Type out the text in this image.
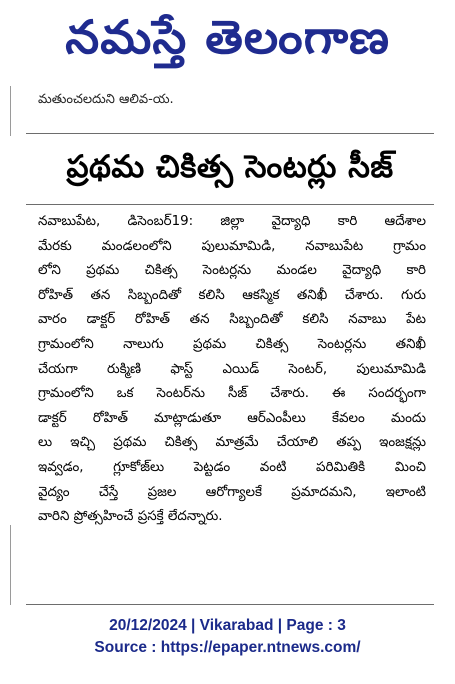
నమస్తే తెలంగాణ
మతుంచలదుని ఆలివ-య.
ప్రథమ చికిత్స సెంటర్లు సీజ్
నవాబుపేట, డిసెంబర్19: జిల్లా వైద్యాధి కారి ఆదేశాల
మేరకు మండలంలోని పులుమామిడి, నవాబుపేట గ్రామం
లోని ప్రథమ చికిత్స సెంటర్లను మండల వైద్యాధి కారి
రోహిత్ తన సిబ్బందితో కలిసి ఆకస్మిక తనిఖీ చేశారు. గురు
వారం డాక్టర్ రోహిత్ తన సిబ్బందితో కలిసి నవాబు పేట
గ్రామంలోని నాలుగు ప్రథమ చికిత్స సెంటర్లను తనిఖీ
చేయగా రుక్మిణి ఫాస్ట్ ఎయిడ్ సెంటర్, పులుమామిడి
గ్రామంలోని ఒక సెంటర్‌ను సీజ్ చేశారు. ఈ సందర్భంగా
డాక్టర్ రోహిత్ మాట్లాడుతూ ఆర్ఎంపీలు కేవలం మందు
లు ఇచ్చి ప్రథమ చికిత్స మాత్రమే చేయాలి తప్ప ఇంజక్షన్లు
ఇవ్వడం, గ్లూకోజ్‌లు పెట్టడం వంటి పరిమితికి మించి
వైద్యం చేస్తే ప్రజల ఆరోగ్యాలకే ప్రమాదమని, ఇలాంటి
వారిని ప్రోత్సహించే ప్రసక్తే లేదన్నారు.
20/12/2024 | Vikarabad | Page : 3
Source : https://epaper.ntnews.com/
